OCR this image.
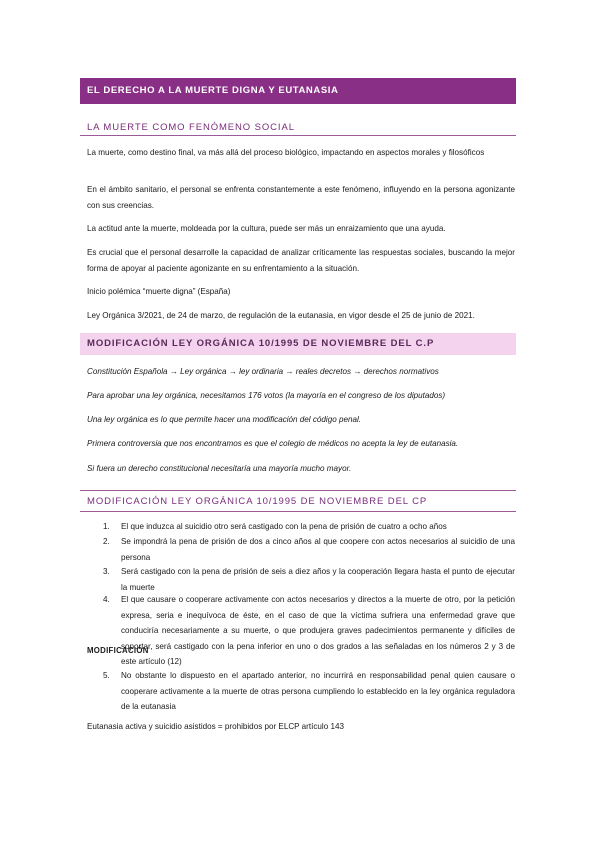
EL DERECHO A LA MUERTE DIGNA Y EUTANASIA
LA MUERTE COMO FENÓMENO SOCIAL

La muerte, como destino final, va más allá del proceso biológico, impactando en aspectos morales y filosóficos

En el ámbito sanitario, el personal se enfrenta constantemente a este fenómeno, influyendo en la persona agonizante con sus creencias.

La actitud ante la muerte, moldeada por la cultura, puede ser más un enraizamiento que una ayuda.

Es crucial que el personal desarrolle la capacidad de analizar críticamente las respuestas sociales, buscando la mejor forma de apoyar al paciente agonizante en su enfrentamiento a la situación.

Inicio polémica “muerte digna” (España)

Ley Orgánica 3/2021, de 24 de marzo, de regulación de la eutanasia, en vigor desde el 25 de junio de 2021.

MODIFICACIÓN LEY ORGÁNICA 10/1995 DE NOVIEMBRE DEL C.P

Constitución Española → Ley orgánica → ley ordinaria → reales decretos → derechos normativos

Para aprobar una ley orgánica, necesitamos 176 votos (la mayoría en el congreso de los diputados)

Una ley orgánica es lo que permite hacer una modificación del código penal.

Primera controversia que nos encontramos es que el colegio de médicos no acepta la ley de eutanasia.

Si fuera un derecho constitucional necesitaría una mayoría mucho mayor.

MODIFICACIÓN LEY ORGÁNICA 10/1995 DE NOVIEMBRE DEL CP
1.	El que induzca al suicidio otro será castigado con la pena de prisión de cuatro a ocho años
2.	Se impondrá la pena de prisión de dos a cinco años al que coopere con actos necesarios al suicidio de una persona
3.	Será castigado con la pena de prisión de seis a diez años y la cooperación llegara hasta el punto de ejecutar la muerte
4.	El que causare o cooperare activamente con actos necesarios y directos a la muerte de otro, por la petición expresa, seria e inequívoca de éste, en el caso de que la víctima sufriera una enfermedad grave que conduciría necesariamente a su muerte, o que produjera graves padecimientos permanente y difíciles de soportar, será castigado con la pena inferior en uno o dos grados a las señaladas en los números 2 y 3 de este artículo (12)
MODIFICACIÓN
5.	No obstante lo dispuesto en el apartado anterior, no incurrirá en responsabilidad penal quien causare o cooperare activamente a la muerte de otras persona cumpliendo lo establecido en la ley orgánica reguladora de la eutanasia

Eutanasia activa y suicidio asistidos = prohibidos por ELCP artículo 143
